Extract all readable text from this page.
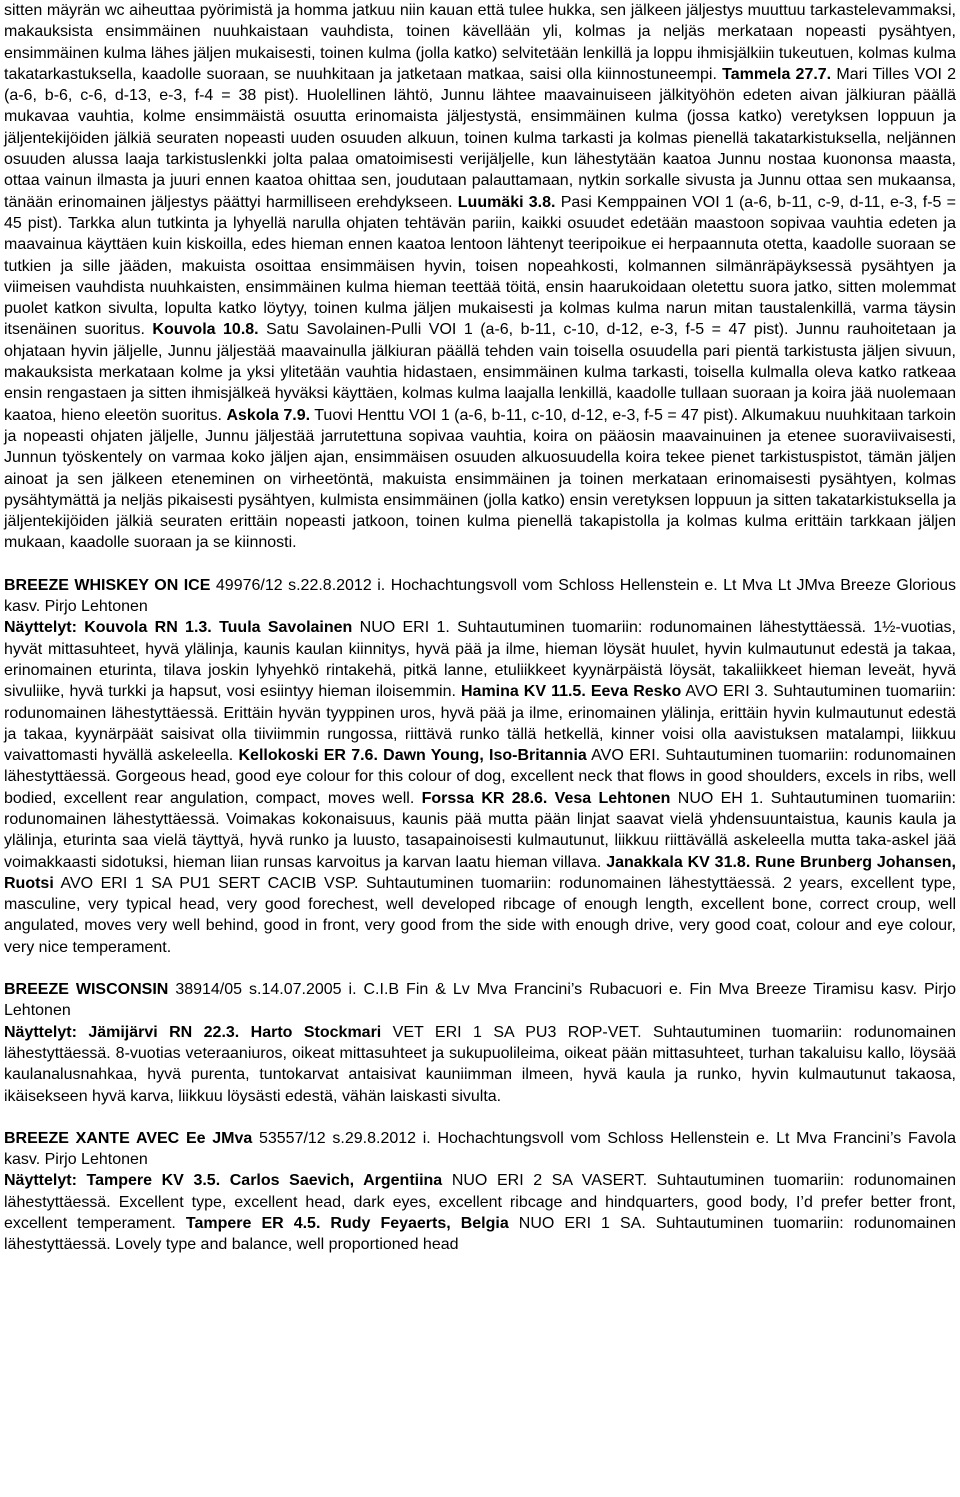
sitten mäyrän wc aiheuttaa pyörimistä ja homma jatkuu niin kauan että tulee hukka, sen jälkeen jäljestys muuttuu tarkastelevammaksi, makauksista ensimmäinen nuuhkaistaan vauhdista, toinen kävellään yli, kolmas ja neljäs merkataan nopeasti pysähtyen, ensimmäinen kulma lähes jäljen mukaisesti, toinen kulma (jolla katko) selvitetään lenkillä ja loppu ihmisjälkiin tukeutuen, kolmas kulma takatarkastuksella, kaadolle suoraan, se nuuhkitaan ja jatketaan matkaa, saisi olla kiinnostuneempi. Tammela 27.7. Mari Tilles VOI 2 (a-6, b-6, c-6, d-13, e-3, f-4 = 38 pist). Huolellinen lähtö, Junnu lähtee maavainuiseen jälkityöhön edeten aivan jälkiuran päällä mukavaa vauhtia, kolme ensimmäistä osuutta erinomaista jäljestystä, ensimmäinen kulma (jossa katko) veretyksen loppuun ja jäljentekijöiden jälkiä seuraten nopeasti uuden osuuden alkuun, toinen kulma tarkasti ja kolmas pienellä takatarkistuksella, neljännen osuuden alussa laaja tarkistuslenkki jolta palaa omatoimisesti verijäljelle, kun lähestytään kaatoa Junnu nostaa kuononsa maasta, ottaa vainun ilmasta ja juuri ennen kaatoa ohittaa sen, joudutaan palauttamaan, nytkin sorkalle sivusta ja Junnu ottaa sen mukaansa, tänään erinomainen jäljestys päättyi harmilliseen erehdykseen. Luumäki 3.8. Pasi Kemppainen VOI 1 (a-6, b-11, c-9, d-11, e-3, f-5 = 45 pist). Tarkka alun tutkinta ja lyhyellä narulla ohjaten tehtävän pariin, kaikki osuudet edetään maastoon sopivaa vauhtia edeten ja maavainua käyttäen kuin kiskoilla, edes hieman ennen kaatoa lentoon lähtenyt teeripoikue ei herpaannuta otetta, kaadolle suoraan se tutkien ja sille jääden, makuista osoittaa ensimmäisen hyvin, toisen nopeahkosti, kolmannen silmänräpäyksessä pysähtyen ja viimeisen vauhdista nuuhkaisten, ensimmäinen kulma hieman teettää töitä, ensin haarukoidaan oletettu suora jatko, sitten molemmat puolet katkon sivulta, lopulta katko löytyy, toinen kulma jäljen mukaisesti ja kolmas kulma narun mitan taustalenkillä, varma täysin itsenäinen suoritus. Kouvola 10.8. Satu Savolainen-Pulli VOI 1 (a-6, b-11, c-10, d-12, e-3, f-5 = 47 pist). Junnu rauhoitetaan ja ohjataan hyvin jäljelle, Junnu jäljestää maavainulla jälkiuran päällä tehden vain toisella osuudella pari pientä tarkistusta jäljen sivuun, makauksista merkataan kolme ja yksi ylitetään vauhtia hidastaen, ensimmäinen kulma tarkasti, toisella kulmalla oleva katko ratkeaa ensin rengastaen ja sitten ihmisjälkeä hyväksi käyttäen, kolmas kulma laajalla lenkillä, kaadolle tullaan suoraan ja koira jää nuolemaan kaatoa, hieno eleetön suoritus. Askola 7.9. Tuovi Henttu VOI 1 (a-6, b-11, c-10, d-12, e-3, f-5 = 47 pist). Alkumakuu nuuhkitaan tarkoin ja nopeasti ohjaten jäljelle, Junnu jäljestää jarrutettuna sopivaa vauhtia, koira on pääosin maavainuinen ja etenee suoraviivaisesti, Junnun työskentely on varmaa koko jäljen ajan, ensimmäisen osuuden alkuosuudella koira tekee pienet tarkistuspistot, tämän jäljen ainoat ja sen jälkeen eteneminen on virheetöntä, makuista ensimmäinen ja toinen merkataan erinomaisesti pysähtyen, kolmas pysähtymättä ja neljäs pikaisesti pysähtyen, kulmista ensimmäinen (jolla katko) ensin veretyksen loppuun ja sitten takatarkistuksella ja jäljentekijöiden jälkiä seuraten erittäin nopeasti jatkoon, toinen kulma pienellä takapistolla ja kolmas kulma erittäin tarkkaan jäljen mukaan, kaadolle suoraan ja se kiinnosti.

BREEZE WHISKEY ON ICE 49976/12 s.22.8.2012 i. Hochachtungsvoll vom Schloss Hellenstein e. Lt Mva Lt JMva Breeze Glorious kasv. Pirjo Lehtonen

Näyttelyt: Kouvola RN 1.3. Tuula Savolainen NUO ERI 1. Suhtautuminen tuomariin: rodunomainen lähestyttäessä. 1½-vuotias, hyvät mittasuhteet, hyvä ylälinja, kaunis kaulan kiinnitys, hyvä pää ja ilme, hieman löysät huulet, hyvin kulmautunut edestä ja takaa, erinomainen eturinta, tilava joskin lyhyehkö rintakehä, pitkä lanne, etuliikkeet kyynärpäistä löysät, takaliikkeet hieman leveät, hyvä sivuliike, hyvä turkki ja hapsut, vosi esiintyy hieman iloisemmin. Hamina KV 11.5. Eeva Resko AVO ERI 3. Suhtautuminen tuomariin: rodunomainen lähestyttäessä. Erittäin hyvän tyyppinen uros, hyvä pää ja ilme, erinomainen ylälinja, erittäin hyvin kulmautunut edestä ja takaa, kyynärpäät saisivat olla tiiviimmin rungossa, riittävä runko tällä hetkellä, kinner voisi olla aavistuksen matalampi, liikkuu vaivattomasti hyvällä askeleella. Kellokoski ER 7.6. Dawn Young, Iso-Britannia AVO ERI. Suhtautuminen tuomariin: rodunomainen lähestyttäessä. Gorgeous head, good eye colour for this colour of dog, excellent neck that flows in good shoulders, excels in ribs, well bodied, excellent rear angulation, compact, moves well. Forssa KR 28.6. Vesa Lehtonen NUO EH 1. Suhtautuminen tuomariin: rodunomainen lähestyttäessä. Voimakas kokonaisuus, kaunis pää mutta pään linjat saavat vielä yhdensuuntaistua, kaunis kaula ja ylälinja, eturinta saa vielä täyttyä, hyvä runko ja luusto, tasapainoisesti kulmautunut, liikkuu riittävällä askeleella mutta taka-askel jää voimakkaasti sidotuksi, hieman liian runsas karvoitus ja karvan laatu hieman villava. Janakkala KV 31.8. Rune Brunberg Johansen, Ruotsi AVO ERI 1 SA PU1 SERT CACIB VSP. Suhtautuminen tuomariin: rodunomainen lähestyttäessä. 2 years, excellent type, masculine, very typical head, very good forechest, well developed ribcage of enough length, excellent bone, correct croup, well angulated, moves very well behind, good in front, very good from the side with enough drive, very good coat, colour and eye colour, very nice temperament.

BREEZE WISCONSIN 38914/05 s.14.07.2005 i. C.I.B Fin & Lv Mva Francini’s Rubacuori e. Fin Mva Breeze Tiramisu kasv. Pirjo Lehtonen

Näyttelyt: Jämijärvi RN 22.3. Harto Stockmari VET ERI 1 SA PU3 ROP-VET. Suhtautuminen tuomariin: rodunomainen lähestyttäessä. 8-vuotias veteraaniuros, oikeat mittasuhteet ja sukupuolileima, oikeat pään mittasuhteet, turhan takaluisu kallo, löysää kaulanalusnahkaa, hyvä purenta, tuntokarvat antaisivat kauniimman ilmeen, hyvä kaula ja runko, hyvin kulmautunut takaosa, ikäisekseen hyvä karva, liikkuu löysästi edestä, vähän laiskasti sivulta.

BREEZE XANTE AVEC Ee JMva 53557/12 s.29.8.2012 i. Hochachtungsvoll vom Schloss Hellenstein e. Lt Mva Francini’s Favola kasv. Pirjo Lehtonen

Näyttelyt: Tampere KV 3.5. Carlos Saevich, Argentiina NUO ERI 2 SA VASERT. Suhtautuminen tuomariin: rodunomainen lähestyttäessä. Excellent type, excellent head, dark eyes, excellent ribcage and hindquarters, good body, I’d prefer better front, excellent temperament. Tampere ER 4.5. Rudy Feyaerts, Belgia NUO ERI 1 SA. Suhtautuminen tuomariin: rodunomainen lähestyttäessä. Lovely type and balance, well proportioned head
